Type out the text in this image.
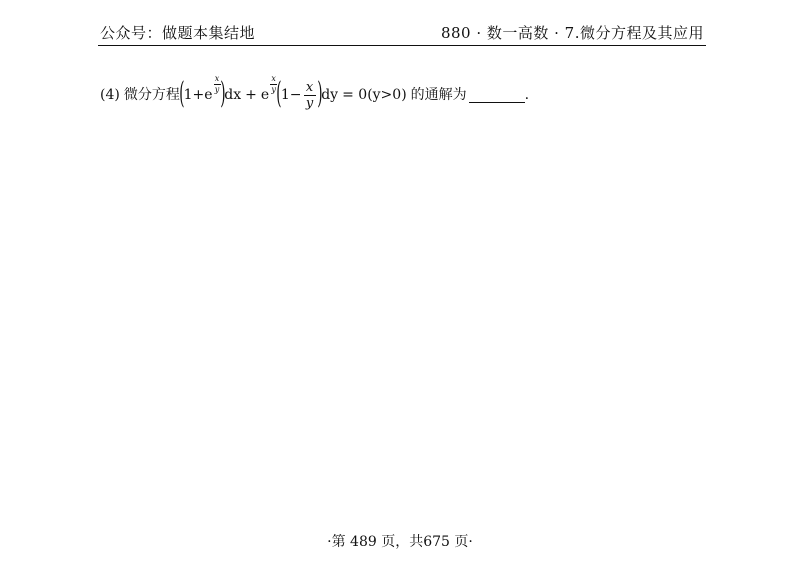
公众号：做题本集结地	880 · 数一高数 · 7.微分方程及其应用
(4) 微分方程 ( 1 + e
x
y ) dx + e
x
y ( $1 - \frac{x}{y}$ ) dy = 0 (y>0) 的通解为	.
·第 489 页，共675 页·
